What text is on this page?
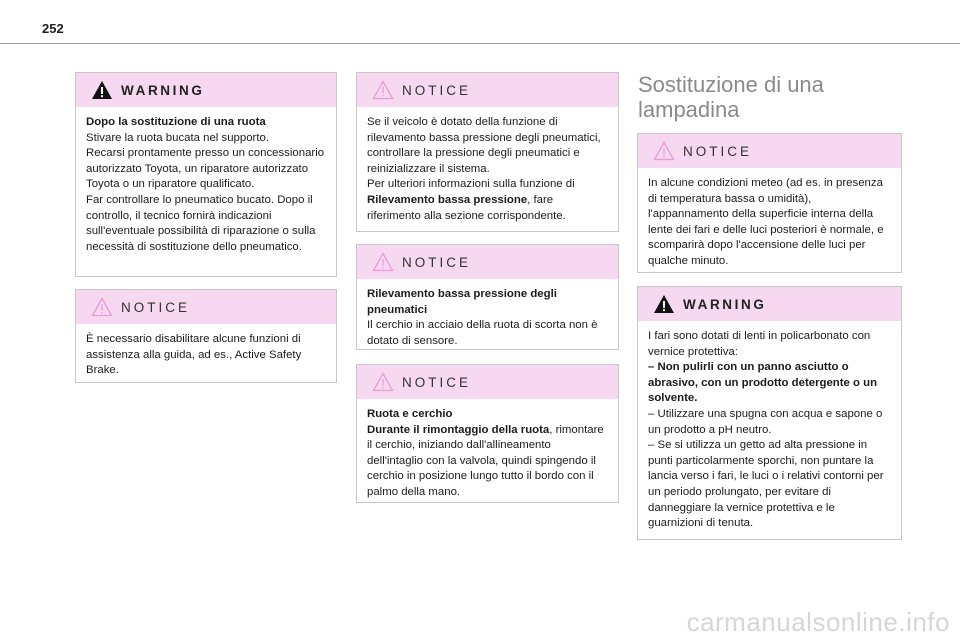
252
WARNING

Dopo la sostituzione di una ruota

Stivare la ruota bucata nel supporto.

Recarsi prontamente presso un concessionario autorizzato Toyota, un riparatore autorizzato Toyota o un riparatore qualificato.

Far controllare lo pneumatico bucato. Dopo il controllo, il tecnico fornirà indicazioni sull'eventuale possibilità di riparazione o sulla necessità di sostituzione dello pneumatico.

NOTICE

È necessario disabilitare alcune funzioni di assistenza alla guida, ad es., Active Safety Brake.

NOTICE

Se il veicolo è dotato della funzione di rilevamento bassa pressione degli pneumatici, controllare la pressione degli pneumatici e reinizializzare il sistema.

Per ulteriori informazioni sulla funzione di Rilevamento bassa pressione, fare riferimento alla sezione corrispondente.

NOTICE

Rilevamento bassa pressione degli pneumatici

Il cerchio in acciaio della ruota di scorta non è dotato di sensore.

NOTICE

Ruota e cerchio

Durante il rimontaggio della ruota, rimontare il cerchio, iniziando dall'allineamento dell'intaglio con la valvola, quindi spingendo il cerchio in posizione lungo tutto il bordo con il palmo della mano.

Sostituzione di una lampadina
NOTICE

In alcune condizioni meteo (ad es. in presenza di temperatura bassa o umidità), l'appannamento della superficie interna della lente dei fari e delle luci posteriori è normale, e scomparirà dopo l'accensione delle luci per qualche minuto.

WARNING

I fari sono dotati di lenti in policarbonato con vernice protettiva:

– Non pulirli con un panno asciutto o abrasivo, con un prodotto detergente o un solvente.

– Utilizzare una spugna con acqua e sapone o un prodotto a pH neutro.

– Se si utilizza un getto ad alta pressione in punti particolarmente sporchi, non puntare la lancia verso i fari, le luci o i relativi contorni per un periodo prolungato, per evitare di danneggiare la vernice protettiva e le guarnizioni di tenuta.

carmanualsonline.info
